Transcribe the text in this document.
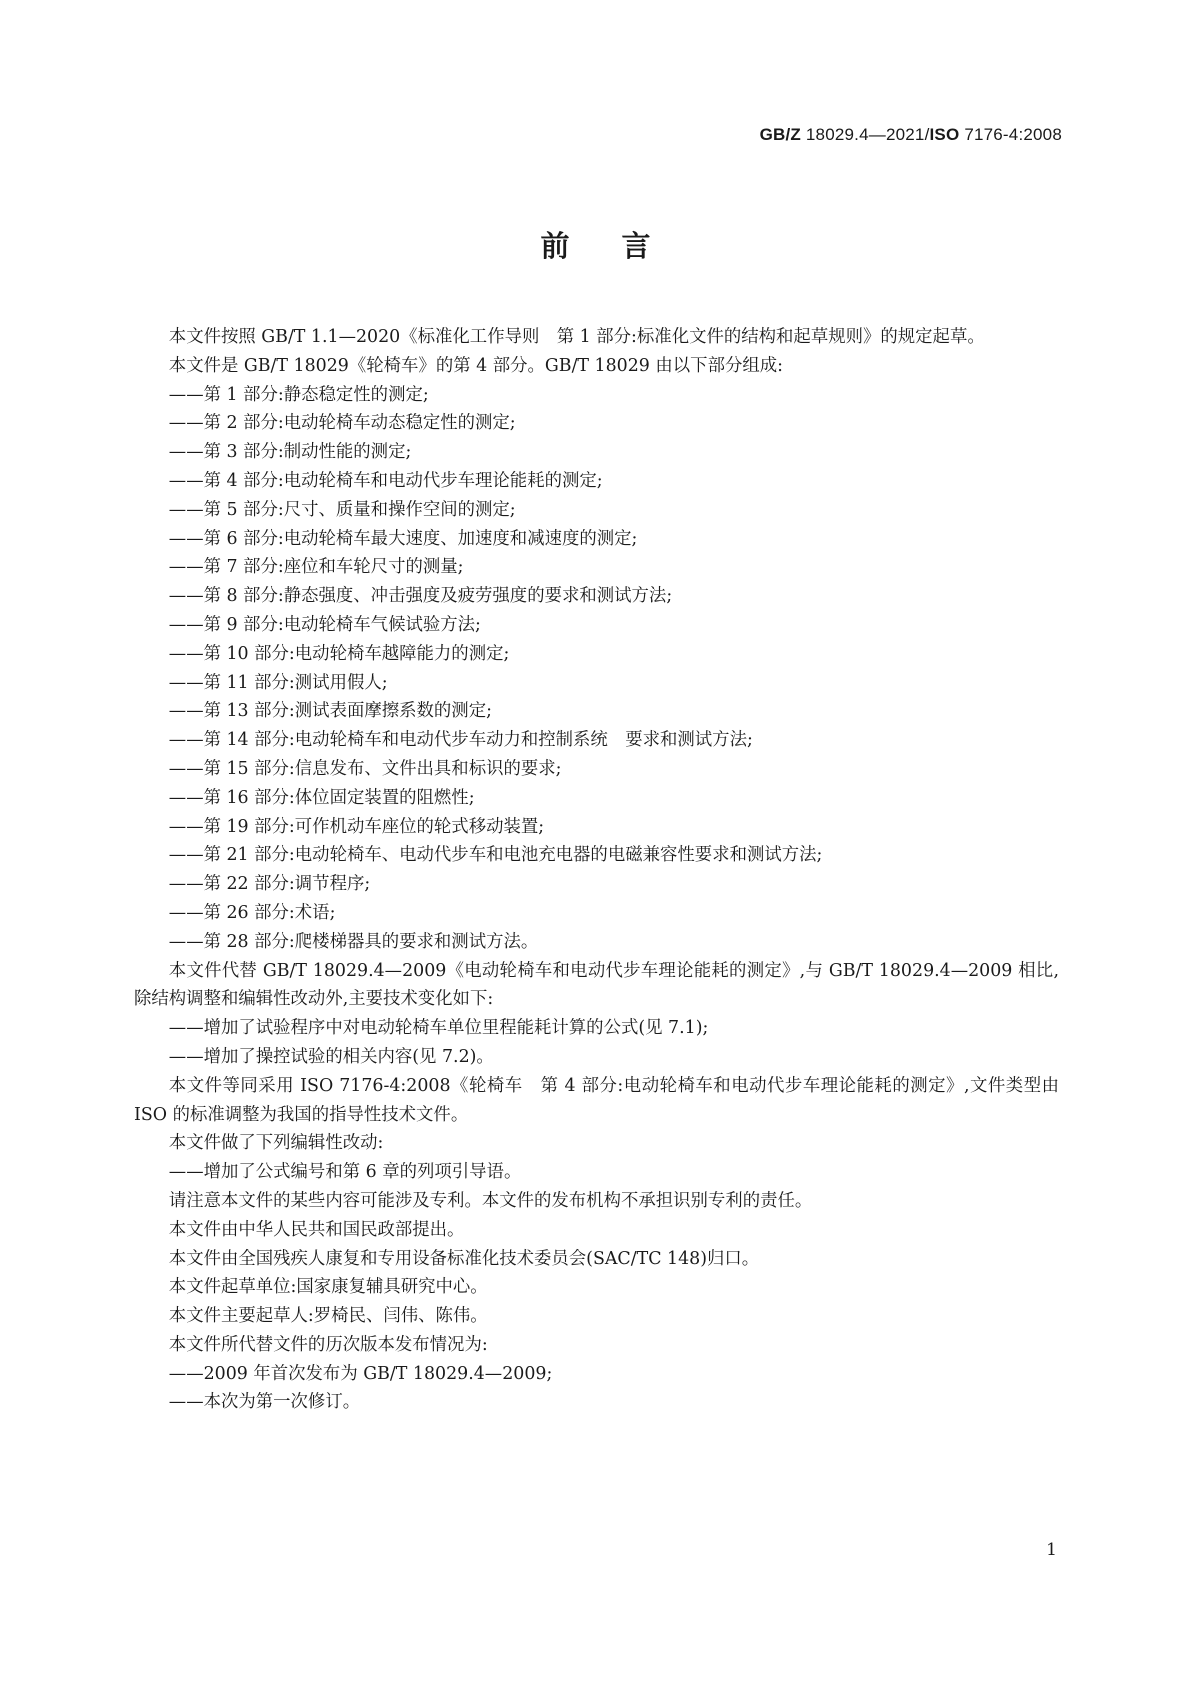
GB/Z 18029.4—2021/ISO 7176-4:2008
前 言

本文件按照 GB/T 1.1—2020《标准化工作导则　第 1 部分:标准化文件的结构和起草规则》的规定起草。

本文件是 GB/T 18029《轮椅车》的第 4 部分。GB/T 18029 由以下部分组成:

——第 1 部分:静态稳定性的测定;

——第 2 部分:电动轮椅车动态稳定性的测定;

——第 3 部分:制动性能的测定;

——第 4 部分:电动轮椅车和电动代步车理论能耗的测定;

——第 5 部分:尺寸、质量和操作空间的测定;

——第 6 部分:电动轮椅车最大速度、加速度和减速度的测定;

——第 7 部分:座位和车轮尺寸的测量;

——第 8 部分:静态强度、冲击强度及疲劳强度的要求和测试方法;

——第 9 部分:电动轮椅车气候试验方法;

——第 10 部分:电动轮椅车越障能力的测定;

——第 11 部分:测试用假人;

——第 13 部分:测试表面摩擦系数的测定;

——第 14 部分:电动轮椅车和电动代步车动力和控制系统　要求和测试方法;

——第 15 部分:信息发布、文件出具和标识的要求;

——第 16 部分:体位固定装置的阻燃性;

——第 19 部分:可作机动车座位的轮式移动装置;

——第 21 部分:电动轮椅车、电动代步车和电池充电器的电磁兼容性要求和测试方法;

——第 22 部分:调节程序;

——第 26 部分:术语;

——第 28 部分:爬楼梯器具的要求和测试方法。

本文件代替 GB/T 18029.4—2009《电动轮椅车和电动代步车理论能耗的测定》,与 GB/T 18029.4—2009 相比,除结构调整和编辑性改动外,主要技术变化如下:

——增加了试验程序中对电动轮椅车单位里程能耗计算的公式(见 7.1);

——增加了操控试验的相关内容(见 7.2)。

本文件等同采用 ISO 7176-4:2008《轮椅车　第 4 部分:电动轮椅车和电动代步车理论能耗的测定》,文件类型由 ISO 的标准调整为我国的指导性技术文件。

本文件做了下列编辑性改动:

——增加了公式编号和第 6 章的列项引导语。

请注意本文件的某些内容可能涉及专利。本文件的发布机构不承担识别专利的责任。

本文件由中华人民共和国民政部提出。

本文件由全国残疾人康复和专用设备标准化技术委员会(SAC/TC 148)归口。

本文件起草单位:国家康复辅具研究中心。

本文件主要起草人:罗椅民、闫伟、陈伟。

本文件所代替文件的历次版本发布情况为:

——2009 年首次发布为 GB/T 18029.4—2009;

——本次为第一次修订。

1
